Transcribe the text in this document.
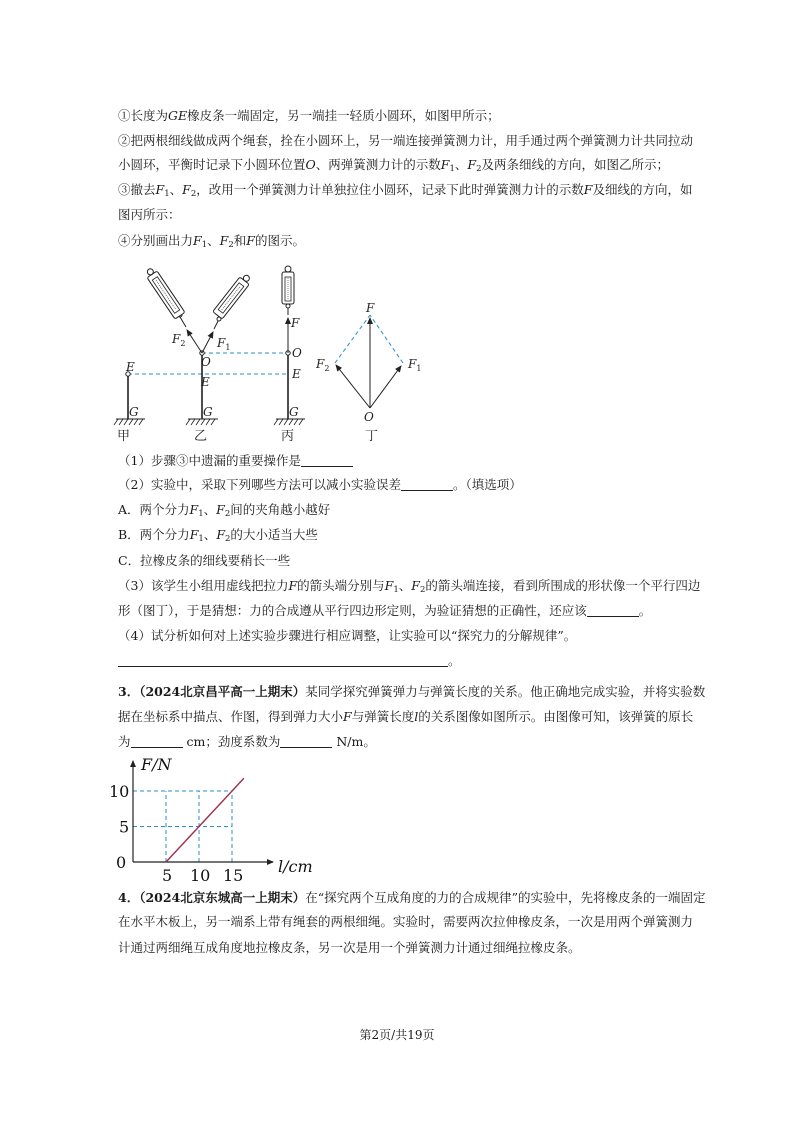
①长度为GE橡皮条一端固定，另一端挂一轻质小圆环，如图甲所示；
②把两根细线做成两个绳套，拴在小圆环上，另一端连接弹簧测力计，用手通过两个弹簧测力计共同拉动
小圆环，平衡时记录下小圆环位置O、两弹簧测力计的示数$F_1$、$F_2$及两条细线的方向，如图乙所示；
③撤去$F_1$、$F_2$，改用一个弹簧测力计单独拉住小圆环，记录下此时弹簧测力计的示数F及细线的方向，如
图丙所示：
④分别画出力$F_1$、$F_2$和F的图示。
E
G
$F_2$	$F_1$
O
E
G
F
O
E
G
F
$F_2$	$F_1$
O
甲	乙	丙	丁
（1）步骤③中遗漏的重要操作是
（2）实验中，采取下列哪些方法可以减小实验误差	。（填选项）
A．两个分力$F_1$、$F_2$间的夹角越小越好
B．两个分力$F_1$、$F_2$的大小适当大些
C．拉橡皮条的细线要稍长一些
（3）该学生小组用虚线把拉力F的箭头端分别与$F_1$、$F_2$的箭头端连接，看到所围成的形状像一个平行四边
形（图丁），于是猜想：力的合成遵从平行四边形定则，为验证猜想的正确性，还应该	。
（4）试分析如何对上述实验步骤进行相应调整，让实验可以“探究力的分解规律”。
。
3．（2024北京昌平高一上期末）某同学探究弹簧弹力与弹簧长度的关系。他正确地完成实验，并将实验数
据在坐标系中描点、作图，得到弹力大小F与弹簧长度l的关系图像如图所示。由图像可知，该弹簧的原长
为	cm；劲度系数为	N/m。
5 10 15
0
5
10
F/N
l/cm
4．（2024北京东城高一上期末）在“探究两个互成角度的力的合成规律”的实验中，先将橡皮条的一端固定
在水平木板上，另一端系上带有绳套的两根细绳。实验时，需要两次拉伸橡皮条，一次是用两个弹簧测力
计通过两细绳互成角度地拉橡皮条，另一次是用一个弹簧测力计通过细绳拉橡皮条。
第2页/共19页
